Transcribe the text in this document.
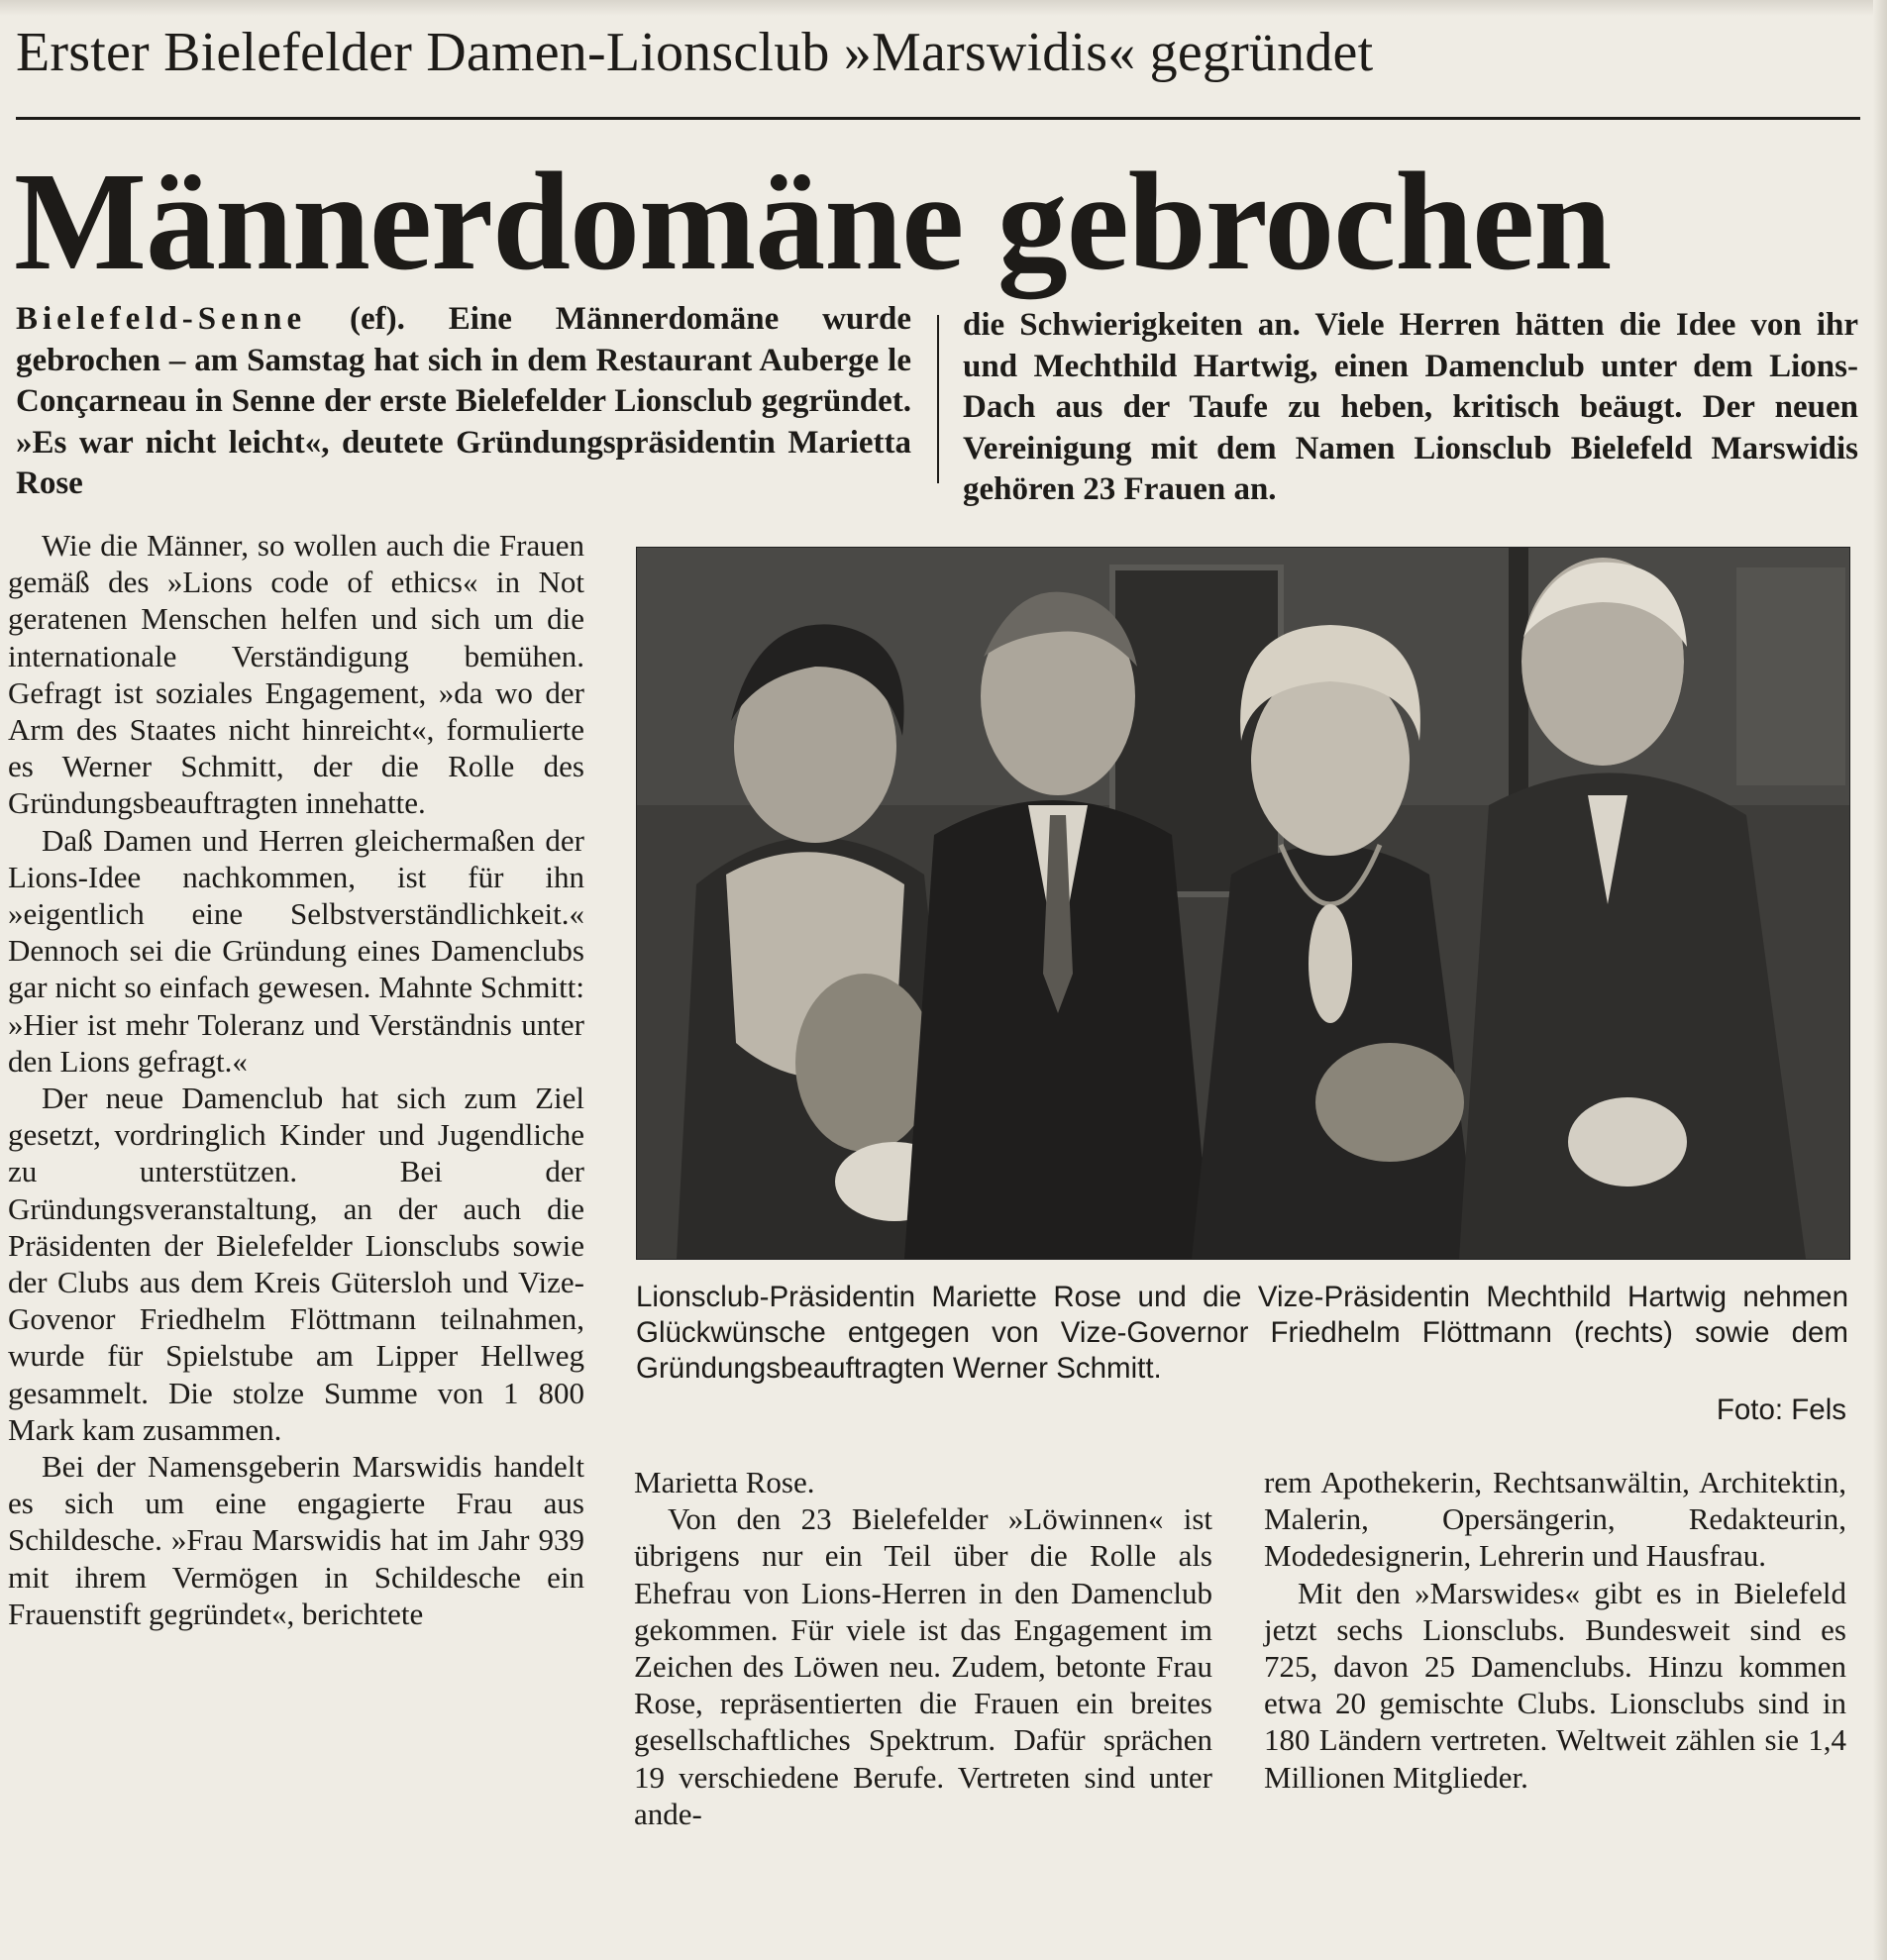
Erster Bielefelder Damen-Lionsclub »Marswidis« gegründet
Männerdomäne gebrochen
Bielefeld-Senne (ef). Eine Männerdomäne wurde gebrochen – am Samstag hat sich in dem Restaurant Auberge le Conçarneau in Senne der erste Bielefelder Lionsclub gegründet. »Es war nicht leicht«, deutete Gründungspräsidentin Marietta Rose
die Schwierigkeiten an. Viele Herren hätten die Idee von ihr und Mechthild Hartwig, einen Damenclub unter dem Lions-Dach aus der Taufe zu heben, kritisch beäugt. Der neuen Vereinigung mit dem Namen Lionsclub Bielefeld Marswidis gehören 23 Frauen an.

Wie die Männer, so wollen auch die Frauen gemäß des »Lions code of ethics« in Not geratenen Menschen helfen und sich um die internationale Verständigung bemühen. Gefragt ist soziales Engagement, »da wo der Arm des Staates nicht hinreicht«, formulierte es Werner Schmitt, der die Rolle des Gründungsbeauftragten innehatte.

Daß Damen und Herren gleichermaßen der Lions-Idee nachkommen, ist für ihn »eigentlich eine Selbstverständlichkeit.« Dennoch sei die Gründung eines Damenclubs gar nicht so einfach gewesen. Mahnte Schmitt: »Hier ist mehr Toleranz und Verständnis unter den Lions gefragt.«

Der neue Damenclub hat sich zum Ziel gesetzt, vordringlich Kinder und Jugendliche zu unterstützen. Bei der Gründungsveranstaltung, an der auch die Präsidenten der Bielefelder Lionsclubs sowie der Clubs aus dem Kreis Gütersloh und Vize-Govenor Friedhelm Flöttmann teilnahmen, wurde für Spielstube am Lipper Hellweg gesammelt. Die stolze Summe von 1 800 Mark kam zusammen.

Bei der Namensgeberin Marswidis handelt es sich um eine engagierte Frau aus Schildesche. »Frau Marswidis hat im Jahr 939 mit ihrem Vermögen in Schildesche ein Frauenstift gegründet«, berichtete

Lionsclub-Präsidentin Mariette Rose und die Vize-Präsidentin Mechthild Hartwig nehmen Glückwünsche entgegen von Vize-Governor Friedhelm Flöttmann (rechts) sowie dem Gründungsbeauftragten Werner Schmitt.
Foto: Fels

Marietta Rose.

Von den 23 Bielefelder »Löwinnen« ist übrigens nur ein Teil über die Rolle als Ehefrau von Lions-Herren in den Damenclub gekommen. Für viele ist das Engagement im Zeichen des Löwen neu. Zudem, betonte Frau Rose, repräsentierten die Frauen ein breites gesellschaftliches Spektrum. Dafür sprächen 19 verschiedene Berufe. Vertreten sind unter ande-

rem Apothekerin, Rechtsanwältin, Architektin, Malerin, Opersängerin, Redakteurin, Modedesignerin, Lehrerin und Hausfrau.

Mit den »Marswides« gibt es in Bielefeld jetzt sechs Lionsclubs. Bundesweit sind es 725, davon 25 Damenclubs. Hinzu kommen etwa 20 gemischte Clubs. Lionsclubs sind in 180 Ländern vertreten. Weltweit zählen sie 1,4 Millionen Mitglieder.
